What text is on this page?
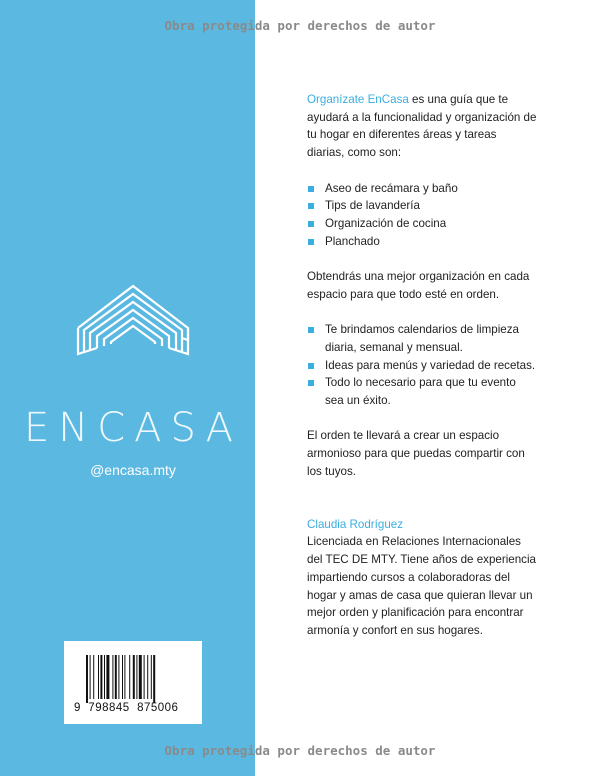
Obra protegida por derechos de autor
Obra protegida por derechos de autor
ENCASA
@encasa.mty
9 798845 875006

Organízate EnCasa es una guía que te ayudará a la funcionalidad y organización de tu hogar en diferentes áreas y tareas diarias, como son:

Aseo de recámara y baño
Tips de lavandería
Organización de cocina
Planchado

Obtendrás una mejor organización en cada espacio para que todo esté en orden.

Te brindamos calendarios de limpieza diaria, semanal y mensual.
Ideas para menús y variedad de recetas.
Todo lo necesario para que tu evento sea un éxito.

El orden te llevará a crear un espacio armonioso para que puedas compartir con los tuyos.

Claudia Rodríguez
Licenciada en Relaciones Internacionales del TEC DE MTY. Tiene años de experiencia impartiendo cursos a colaboradoras del hogar y amas de casa que quieran llevar un mejor orden y planificación para encontrar armonía y confort en sus hogares.
